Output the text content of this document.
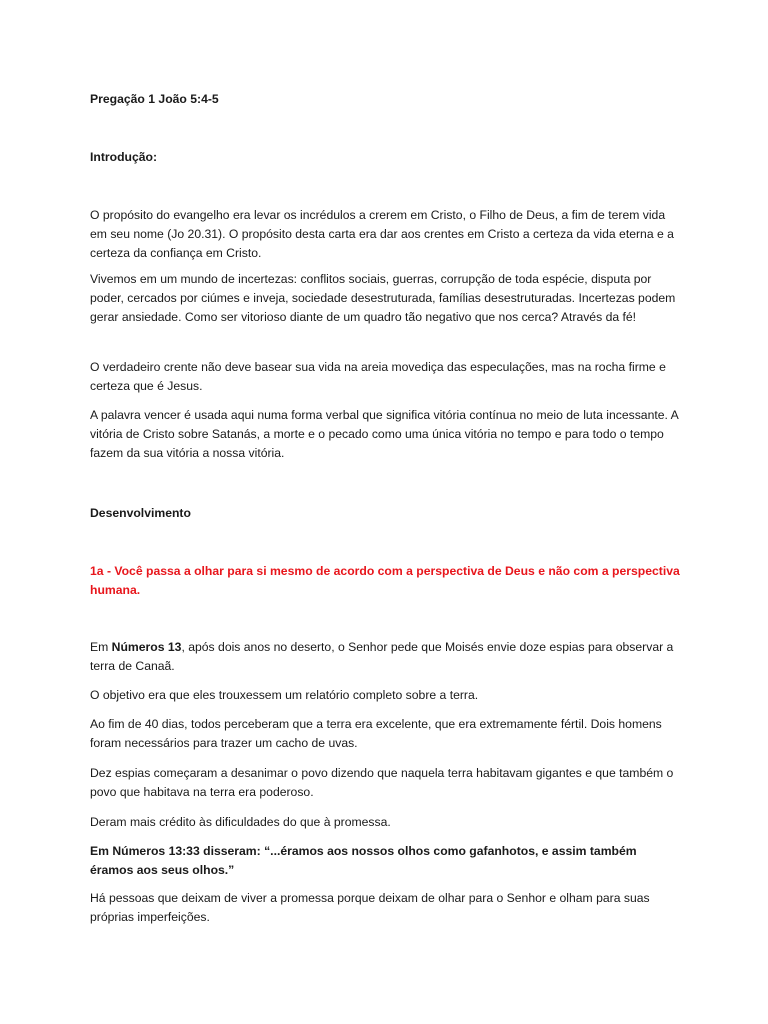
Pregação 1 João 5:4-5

Introdução:

O propósito do evangelho era levar os incrédulos a crerem em Cristo, o Filho de Deus, a fim de terem vida em seu nome (Jo 20.31). O propósito desta carta era dar aos crentes em Cristo a certeza da vida eterna e a certeza da confiança em Cristo.

Vivemos em um mundo de incertezas: conflitos sociais, guerras, corrupção de toda espécie, disputa por poder, cercados por ciúmes e inveja, sociedade desestruturada, famílias desestruturadas. Incertezas podem gerar ansiedade. Como ser vitorioso diante de um quadro tão negativo que nos cerca? Através da fé!

O verdadeiro crente não deve basear sua vida na areia movediça das especulações, mas na rocha firme e certeza que é Jesus.

A palavra vencer é usada aqui numa forma verbal que significa vitória contínua no meio de luta incessante. A vitória de Cristo sobre Satanás, a morte e o pecado como uma única vitória no tempo e para todo o tempo fazem da sua vitória a nossa vitória.

Desenvolvimento

1a - Você passa a olhar para si mesmo de acordo com a perspectiva de Deus e não com a perspectiva humana.

Em Números 13, após dois anos no deserto, o Senhor pede que Moisés envie doze espias para observar a terra de Canaã.

O objetivo era que eles trouxessem um relatório completo sobre a terra.

Ao fim de 40 dias, todos perceberam que a terra era excelente, que era extremamente fértil. Dois homens foram necessários para trazer um cacho de uvas.

Dez espias começaram a desanimar o povo dizendo que naquela terra habitavam gigantes e que também o povo que habitava na terra era poderoso.

Deram mais crédito às dificuldades do que à promessa.

Em Números 13:33 disseram: “...éramos aos nossos olhos como gafanhotos, e assim também éramos aos seus olhos.”

Há pessoas que deixam de viver a promessa porque deixam de olhar para o Senhor e olham para suas próprias imperfeições.
